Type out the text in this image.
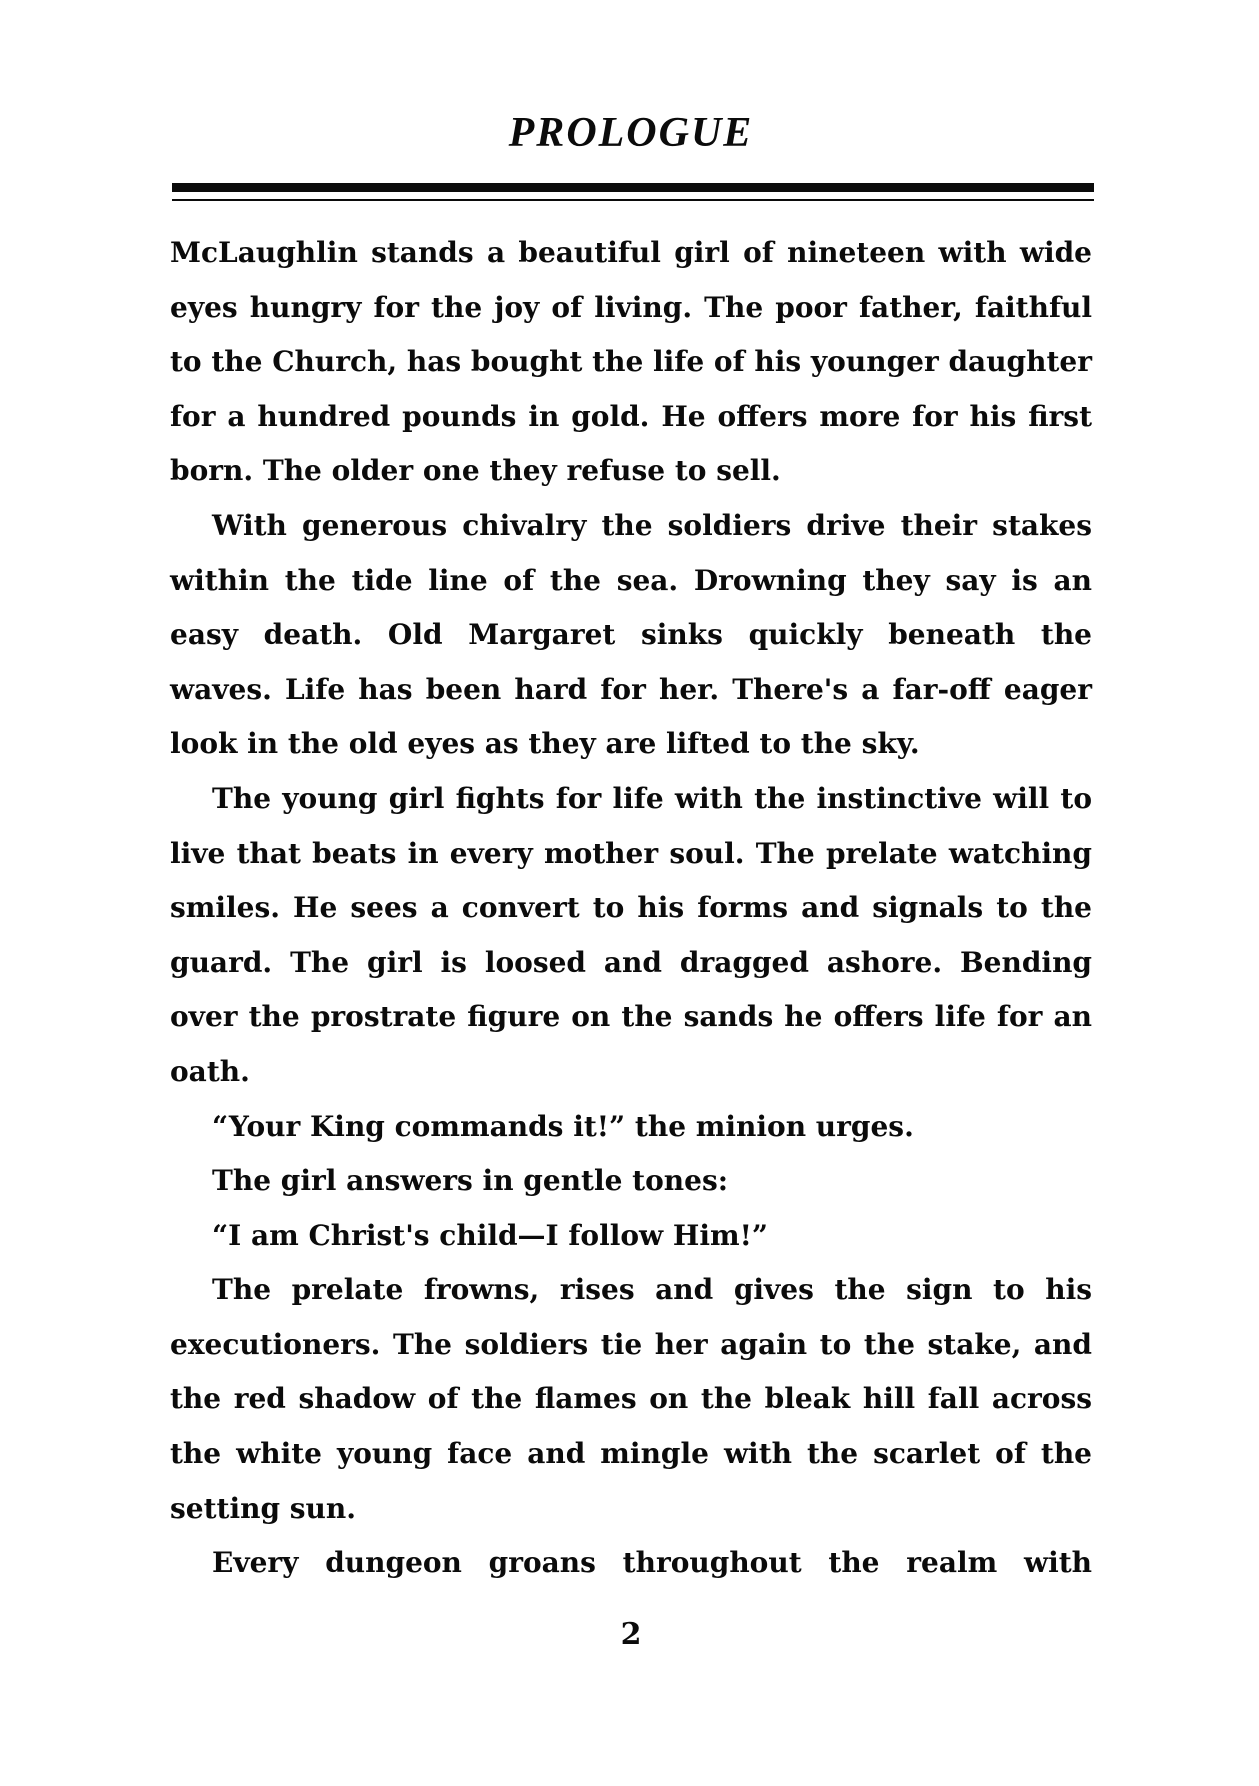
PROLOGUE

McLaughlin stands a beautiful girl of nineteen with wide eyes hungry for the joy of living. The poor father, faithful to the Church, has bought the life of his younger daughter for a hundred pounds in gold. He offers more for his first born. The older one they refuse to sell.

With generous chivalry the soldiers drive their stakes within the tide line of the sea. Drowning they say is an easy death. Old Margaret sinks quickly beneath the waves. Life has been hard for her. There's a far-off eager look in the old eyes as they are lifted to the sky.

The young girl fights for life with the instinctive will to live that beats in every mother soul. The prelate watching smiles. He sees a convert to his forms and signals to the guard. The girl is loosed and dragged ashore. Bending over the prostrate figure on the sands he offers life for an oath.

“Your King commands it!” the minion urges.

The girl answers in gentle tones:

“I am Christ's child—I follow Him!”

The prelate frowns, rises and gives the sign to his executioners. The soldiers tie her again to the stake, and the red shadow of the flames on the bleak hill fall across the white young face and mingle with the scarlet of the setting sun.

Every dungeon groans throughout the realm with

2
